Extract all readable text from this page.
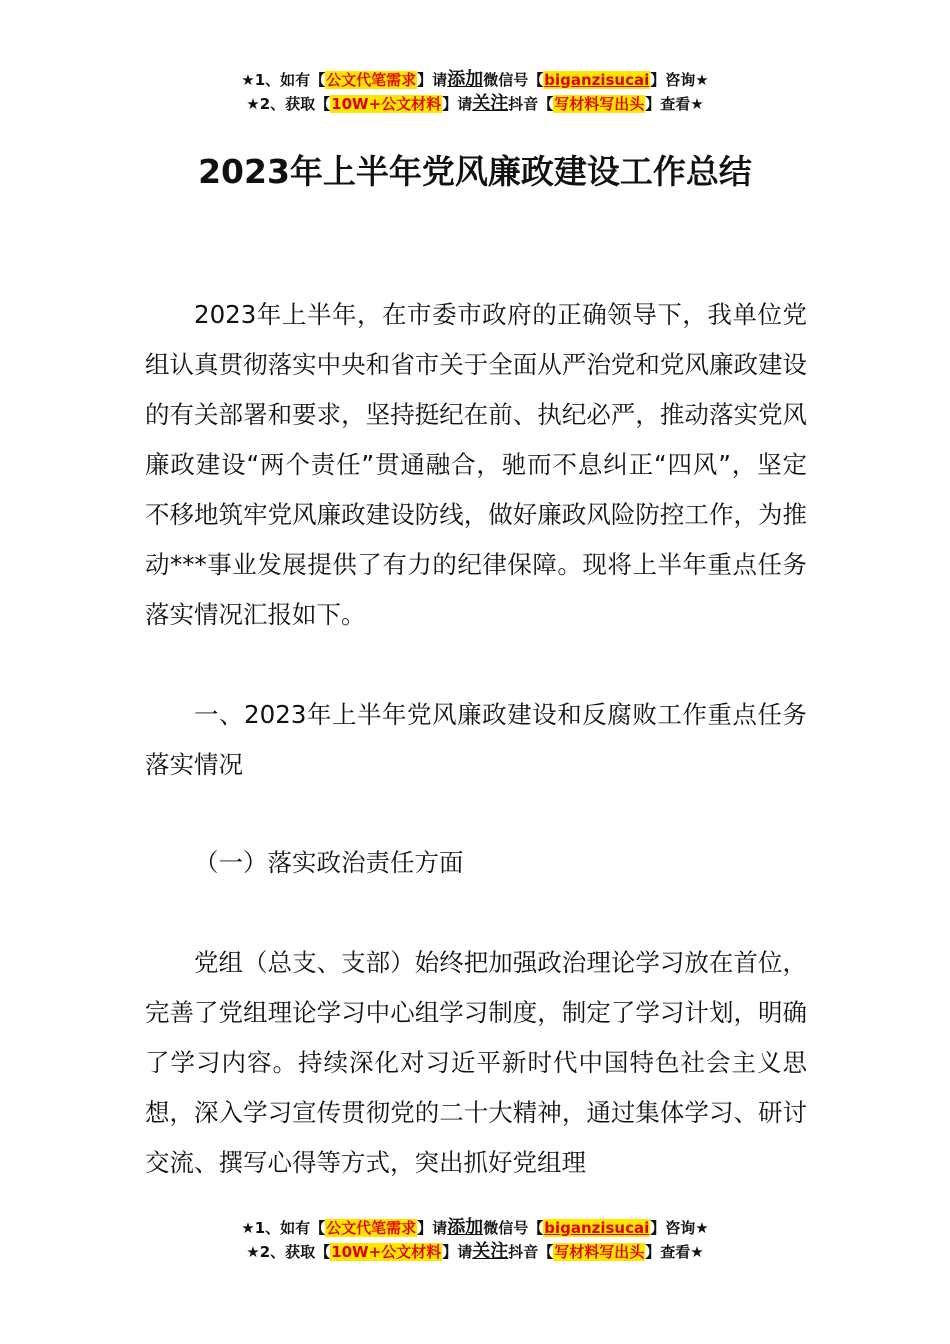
★1、如有【公文代笔需求】请添加微信号【biganzisucai】咨询★
★2、获取【10W+公文材料】请关注抖音【写材料写出头】查看★
2023年上半年党风廉政建设工作总结

2023年上半年，在市委市政府的正确领导下，我单位党组认真贯彻落实中央和省市关于全面从严治党和党风廉政建设的有关部署和要求，坚持挺纪在前、执纪必严，推动落实党风廉政建设“两个责任”贯通融合，驰而不息纠正“四风”，坚定不移地筑牢党风廉政建设防线，做好廉政风险防控工作，为推动***事业发展提供了有力的纪律保障。现将上半年重点任务落实情况汇报如下。

一、2023年上半年党风廉政建设和反腐败工作重点任务落实情况

（一）落实政治责任方面

党组（总支、支部）始终把加强政治理论学习放在首位，完善了党组理论学习中心组学习制度，制定了学习计划，明确了学习内容。持续深化对习近平新时代中国特色社会主义思想，深入学习宣传贯彻党的二十大精神，通过集体学习、研讨交流、撰写心得等方式，突出抓好党组理

★1、如有【公文代笔需求】请添加微信号【biganzisucai】咨询★
★2、获取【10W+公文材料】请关注抖音【写材料写出头】查看★
